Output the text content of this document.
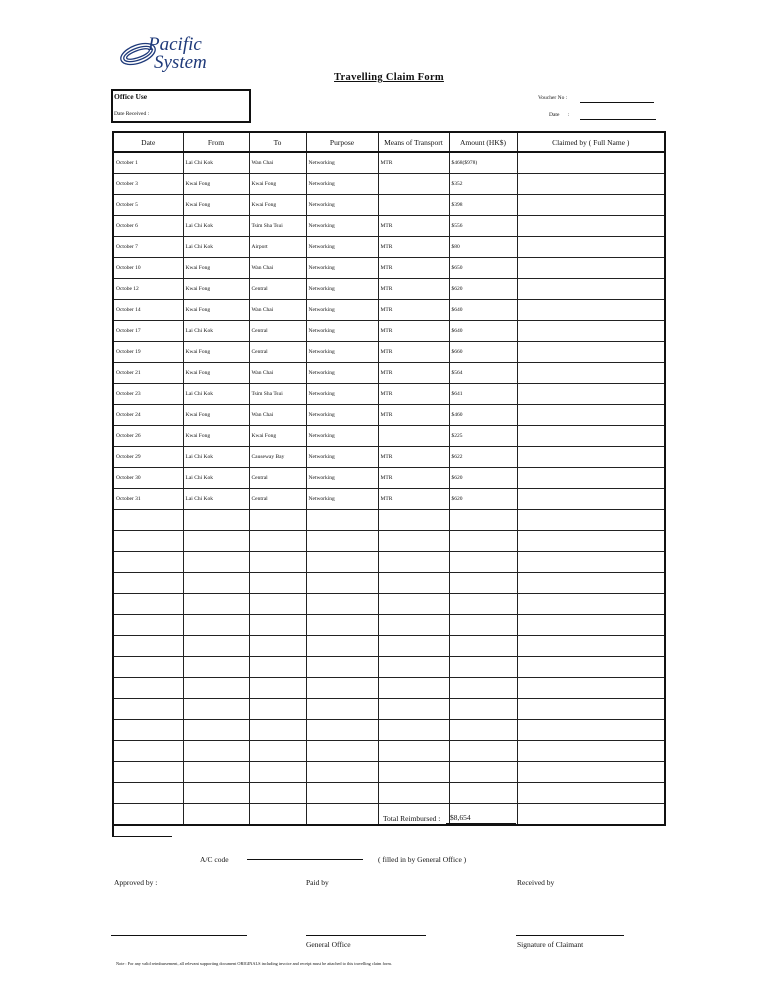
Pacific
System
Travelling Claim Form
Office Use
Date Received :
Voucher No :
Date      :
Date	From	To	Purpose	Means of Transport	Amount (HK$)	Claimed by ( Full Name )
October 1	Lai Chi Kok	Wan Chai	Networking	MTR	$468($978)	
October 3	Kwai Fong	Kwai Fong	Networking		$352	
October 5	Kwai Fong	Kwai Fong	Networking		$398	
October 6	Lai Chi Kok	Tsim Sha Tsui	Networking	MTR	$556	
October 7	Lai Chi Kok	Airport	Networking	MTR	$80	
October 10	Kwai Fong	Wan Chai	Networking	MTR	$650	
Octobe 12	Kwai Fong	Central	Networking	MTR	$620	
October 14	Kwai Fong	Wan Chai	Networking	MTR	$640	
October 17	Lai Chi Kok	Central	Networking	MTR	$640	
October 19	Kwai Fong	Central	Networking	MTR	$660	
October 21	Kwai Fong	Wan Chai	Networking	MTR	$564	
October 23	Lai Chi Kok	Tsim Sha Tsui	Networking	MTR	$641	
October 24	Kwai Fong	Wan Chai	Networking	MTR	$460	
October 26	Kwai Fong	Kwai Fong	Networking		$225	
October 29	Lai Chi Kok	Causeway Bay	Networking	MTR	$622	
October 30	Lai Chi Kok	Central	Networking	MTR	$620	
October 31	Lai Chi Kok	Central	Networking	MTR	$620	

Total Reimbursed : $8,654
A/C code	( filled in by General Office )
Approved by :	Paid by	Received by
General Office	Signature of Claimant
Note : For any valid reimbursement, all relevant supporting document ORIGINALS including invoice and receipt must be attached to this travelling claim form.
